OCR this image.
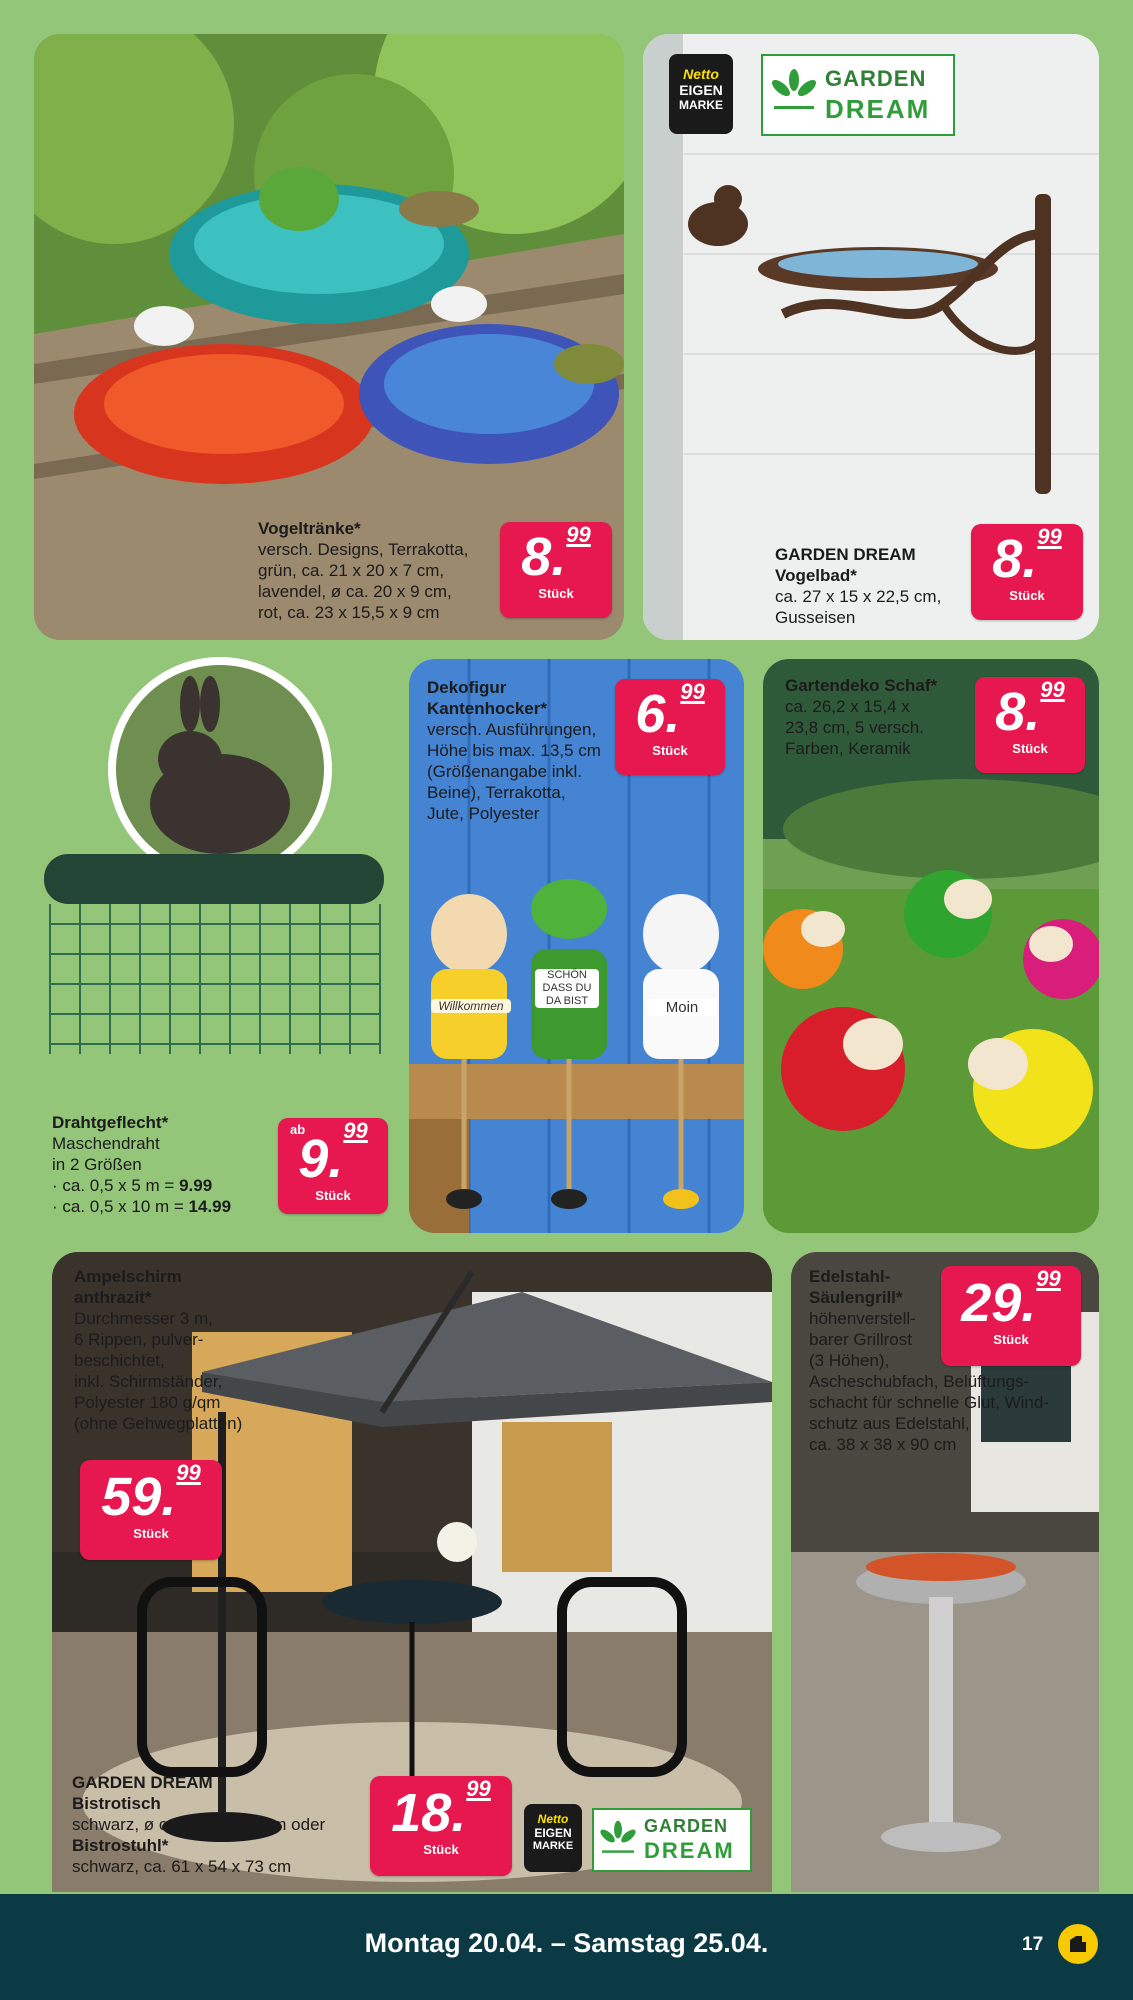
Vogeltränke*
versch. Designs, Terrakotta,
grün, ca. 21 x 20 x 7 cm,
lavendel, ø ca. 20 x 9 cm,
rot, ca. 23 x 15,5 x 9 cm
8.99
Stück
Netto
EIGEN
MARKE
GARDEN
DREAM
GARDEN DREAM
Vogelbad*
ca. 27 x 15 x 22,5 cm,
Gusseisen
8.99
Stück
Drahtgeflecht*
Maschendraht
in 2 Größen
· ca. 0,5 x 5 m = 9.99
· ca. 0,5 x 10 m = 14.99
ab
9.99
Stück
Willkommen
SCHÖN DASS DU DA BIST	Moin
Dekofigur
Kantenhocker*
versch. Ausführungen,
Höhe bis max. 13,5 cm
(Größenangabe inkl.
Beine), Terrakotta,
Jute, Polyester
6.99
Stück
Gartendeko Schaf*
ca. 26,2 x 15,4 x
23,8 cm, 5 versch.
Farben, Keramik
8.99
Stück
Ampelschirm
anthrazit*
Durchmesser 3 m,
6 Rippen, pulver-
beschichtet,
inkl. Schirmständer,
Polyester 180 g/qm
(ohne Gehwegplatten)
59.99
Stück
GARDEN DREAM
Bistrotisch
schwarz, ø ca. 60 x H 70 cm oder
Bistrostuhl*
schwarz, ca. 61 x 54 x 73 cm
18.99
Stück
Netto
EIGEN
MARKE
GARDEN
DREAM
Edelstahl-
Säulengrill*
höhenverstell-
barer Grillrost
(3 Höhen),
Ascheschubfach, Belüftungs-
schacht für schnelle Glut, Wind-
schutz aus Edelstahl,
ca. 38 x 38 x 90 cm
29.99
Stück
Montag 20.04. – Samstag 25.04.	17
